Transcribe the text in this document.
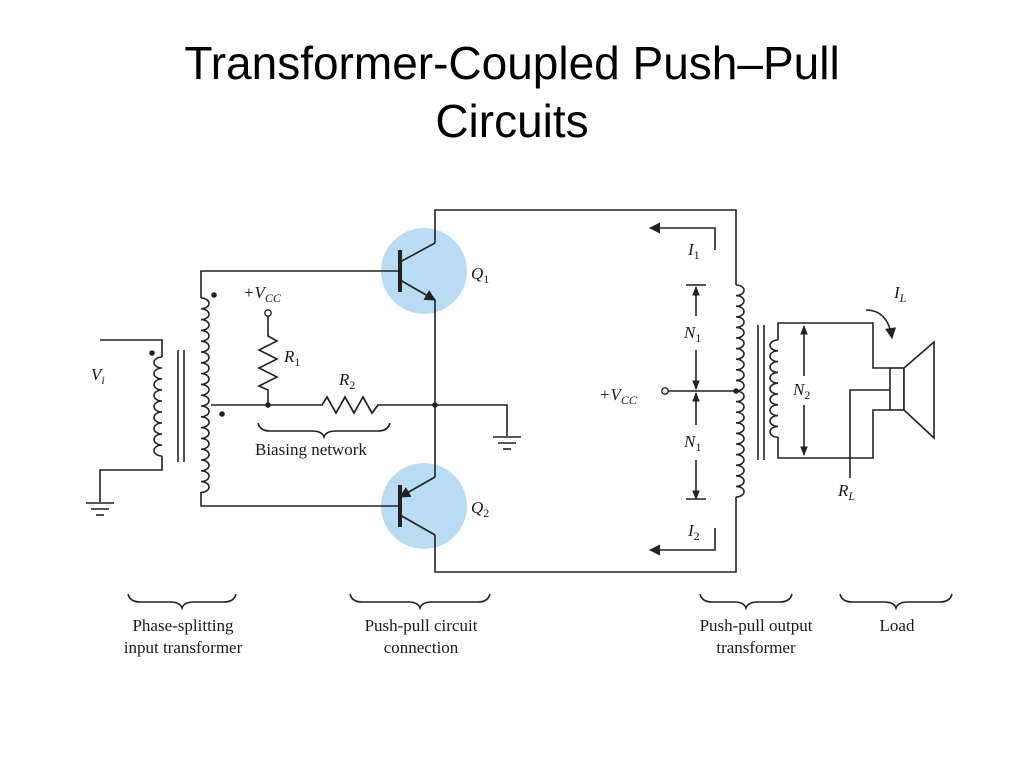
Transformer-Coupled Push–Pull
Circuits
$V_i$
$+V_{CC}$
$R_1$
$R_2$
Biasing network
$Q_1$
$Q_2$
$I_1$
$I_2$
$N_1$
$N_1$
$+V_{CC}$
$N_2$
$I_L$
$R_L$
Phase-splitting
input transformer
Push-pull circuit
connection
Push-pull output
transformer
Load
